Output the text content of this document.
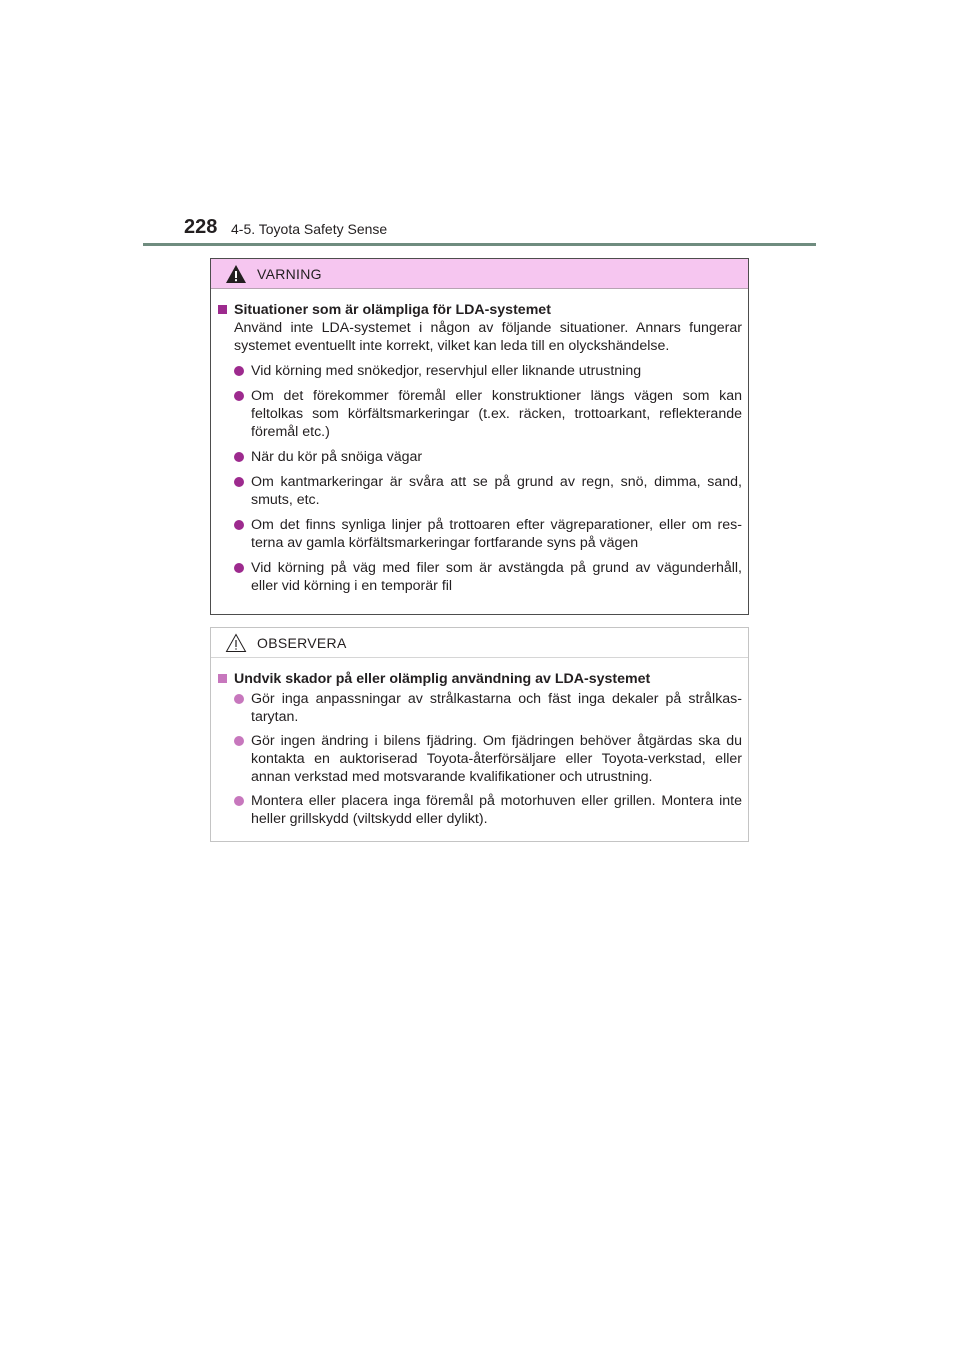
228 4-5. Toyota Safety Sense
VARNING
Situationer som är olämpliga för LDA-systemet
Använd inte LDA-systemet i någon av följande situationer. Annars fungerar systemet eventuellt inte korrekt, vilket kan leda till en olyckshändelse.
Vid körning med snökedjor, reservhjul eller liknande utrustning
Om det förekommer föremål eller konstruktioner längs vägen som kan feltolkas som körfältsmarkeringar (t.ex. räcken, trottoarkant, reflekterande föremål etc.)
När du kör på snöiga vägar
Om kantmarkeringar är svåra att se på grund av regn, snö, dimma, sand, smuts, etc.
Om det finns synliga linjer på trottoaren efter vägreparationer, eller om res-terna av gamla körfältsmarkeringar fortfarande syns på vägen
Vid körning på väg med filer som är avstängda på grund av vägunderhåll, eller vid körning i en temporär fil
OBSERVERA
Undvik skador på eller olämplig användning av LDA-systemet
Gör inga anpassningar av strålkastarna och fäst inga dekaler på strålkas-tarytan.
Gör ingen ändring i bilens fjädring. Om fjädringen behöver åtgärdas ska du kontakta en auktoriserad Toyota-återförsäljare eller Toyota-verkstad, eller annan verkstad med motsvarande kvalifikationer och utrustning.
Montera eller placera inga föremål på motorhuven eller grillen. Montera inte heller grillskydd (viltskydd eller dylikt).
